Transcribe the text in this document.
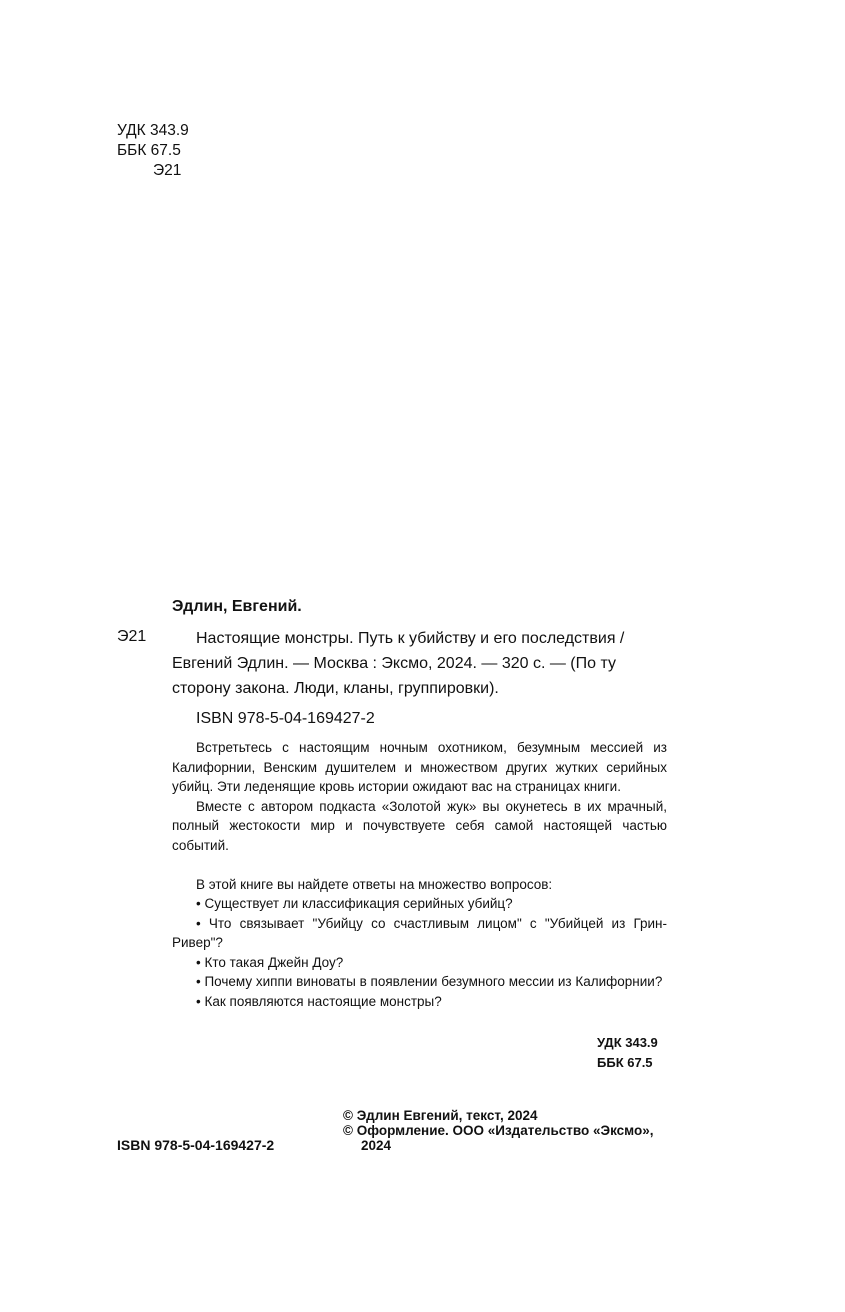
УДК 343.9
ББК 67.5
Э21
Эдлин, Евгений.
Э21	Настоящие монстры. Путь к убийству и его последствия /
Евгений Эдлин. — Москва : Эксмо, 2024. — 320 с. — (По ту
сторону закона. Люди, кланы, группировки).
ISBN 978-5-04-169427-2

Встретьтесь с настоящим ночным охотником, безумным мессией из Калифорнии, Венским душителем и множеством других жутких серийных убийц. Эти леденящие кровь истории ожидают вас на страницах книги.

Вместе с автором подкаста «Золотой жук» вы окунетесь в их мрачный, полный жестокости мир и почувствуете себя самой настоящей частью событий.

В этой книге вы найдете ответы на множество вопросов:

• Существует ли классификация серийных убийц?

• Что связывает "Убийцу со счастливым лицом" с "Убийцей из Грин-Ривер"?

• Кто такая Джейн Доу?

• Почему хиппи виноваты в появлении безумного мессии из Калифорнии?

• Как появляются настоящие монстры?

УДК 343.9
ББК 67.5
ISBN 978-5-04-169427-2
© Эдлин Евгений, текст, 2024
© Оформление. ООО «Издательство «Эксмо»,
2024
